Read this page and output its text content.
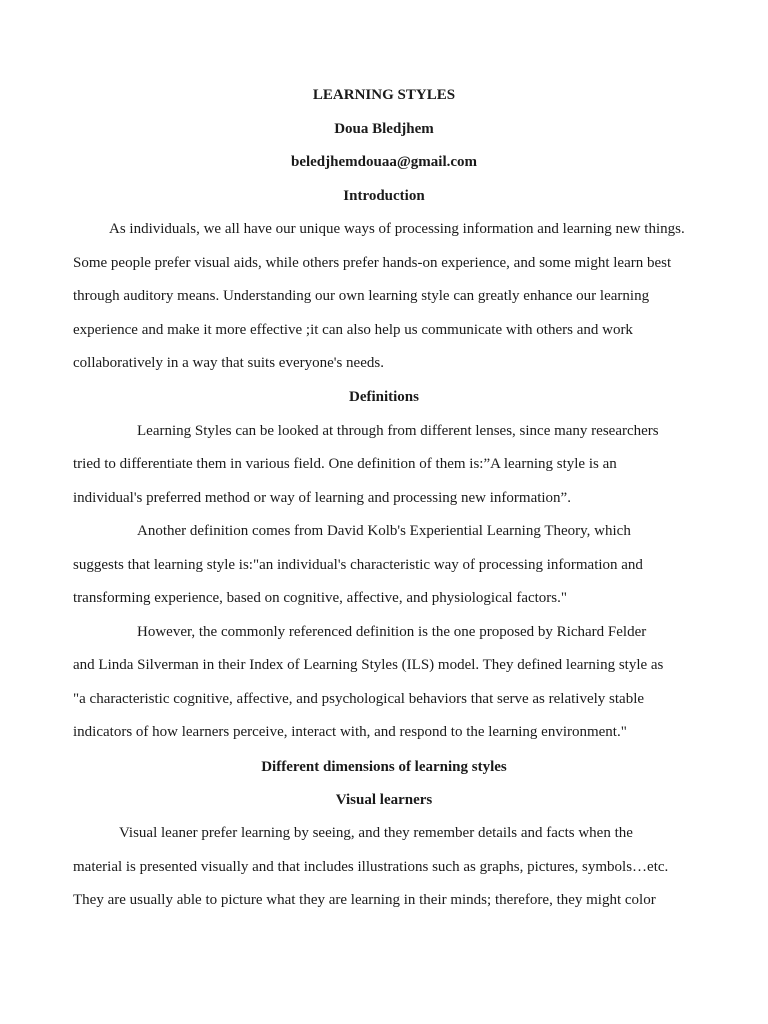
LEARNING STYLES
Doua Bledjhem
beledjhemdouaa@gmail.com
Introduction
As individuals, we all have our unique ways of processing information and learning new things.
Some people prefer visual aids, while others prefer hands-on experience, and some might learn best
through auditory means. Understanding our own learning style can greatly enhance our learning
experience and make it more effective ;it can also help us communicate with others and work
collaboratively in a way that suits everyone's needs.
Definitions
Learning Styles can be looked at through from different lenses, since many researchers
tried to differentiate them in various field. One definition of them is:”A learning style is an
individual's preferred method or way of learning and processing new information”.
Another definition comes from David Kolb's Experiential Learning Theory, which
suggests that learning style is:"an individual's characteristic way of processing information and
transforming experience, based on cognitive, affective, and physiological factors."
However, the commonly referenced definition is the one proposed by Richard Felder
and Linda Silverman in their Index of Learning Styles (ILS) model. They defined learning style as
"a characteristic cognitive, affective, and psychological behaviors that serve as relatively stable
indicators of how learners perceive, interact with, and respond to the learning environment."
Different dimensions of learning styles
Visual learners
Visual leaner prefer learning by seeing, and they remember details and facts when the
material is presented visually and that includes illustrations such as graphs, pictures, symbols…etc.
They are usually able to picture what they are learning in their minds; therefore, they might color
